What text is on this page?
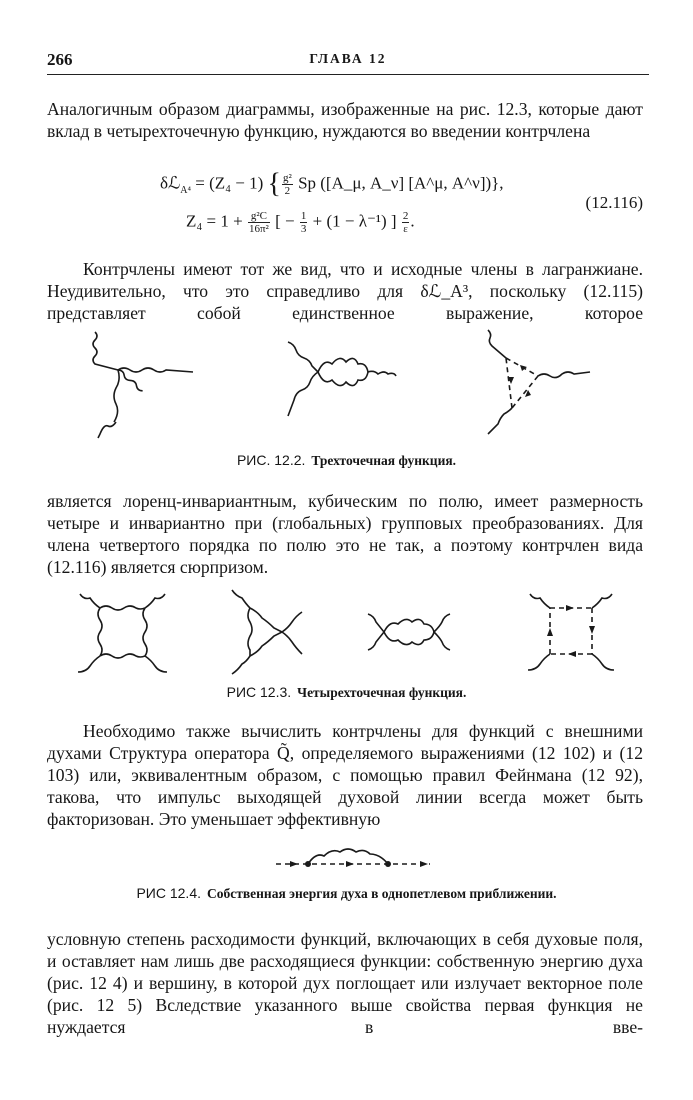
266	ГЛАВА 12

Аналогичным образом диаграммы, изображенные на рис. 12.3, которые дают вклад в четырехточечную функцию, нуждаются во введении контрчлена

δℒ$_{A^4}$ = (Z₄ − 1) { $\frac{\text{g²}}{2}$ Sp ([A_μ, A_ν] [A^μ, A^ν])},
$Z_4 = 1 + \frac{\text{g²C}}{\text{16π²}}$ [ − $\frac{1}{3} + (1 - \lambda^{-1})$ ] $\frac{2}{\varepsilon}$ .
(12.116)

Контрчлены имеют тот же вид, что и исходные члены в лагранжиане. Неудивительно, что это справедливо для δℒ_A³, поскольку (12.115) представляет собой единственное выражение, которое

РИС. 12.2. Трехточечная функция.

является лоренц-инвариантным, кубическим по полю, имеет размерность четыре и инвариантно при (глобальных) групповых преобразованиях. Для члена четвертого порядка по полю это не так, а поэтому контрчлен вида (12.116) является сюрпризом.

РИС 12.3. Четырехточечная функция.

Необходимо также вычислить контрчлены для функций с внешними духами Структура оператора Q̃, определяемого выражениями (12 102) и (12 103) или, эквивалентным образом, с помощью правил Фейнмана (12 92), такова, что импульс выходящей духовой линии всегда может быть факторизован. Это уменьшает эффективную

РИС 12.4. Собственная энергия духа в однопетлевом приближении.

условную степень расходимости функций, включающих в себя духовые поля, и оставляет нам лишь две расходящиеся функции: собственную энергию духа (рис. 12 4) и вершину, в которой дух поглощает или излучает векторное поле (рис. 12 5) Вследствие указанного выше свойства первая функция не нуждается в вве-
